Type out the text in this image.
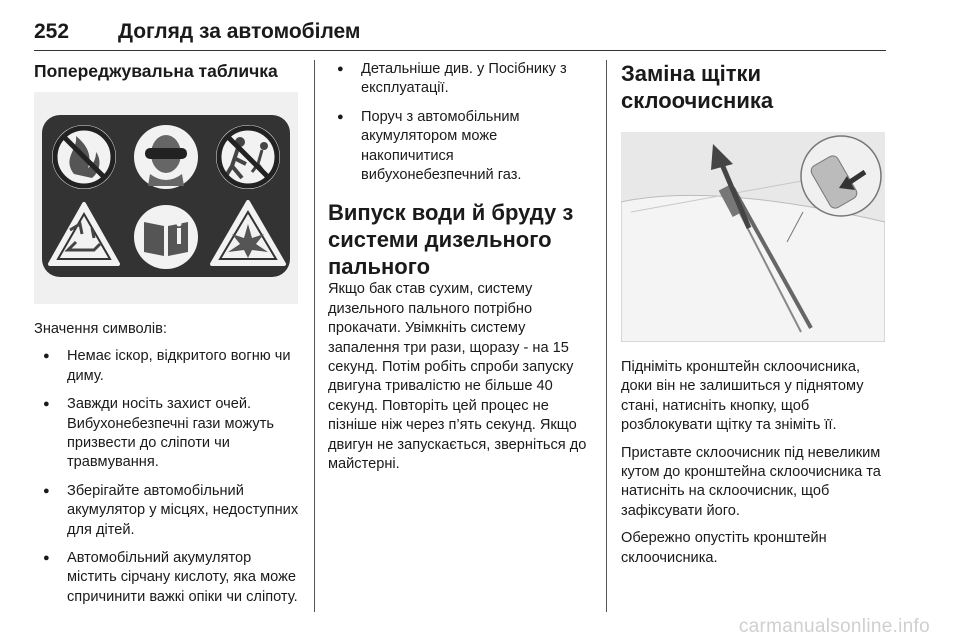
252 Догляд за автомобілем
Попереджувальна табличка

Значення символів:

● Немає іскор, відкритого вогню чи диму.
● Завжди носіть захист очей. Вибухонебезпечні гази можуть призвести до сліпоти чи травмування.
● Зберігайте автомобільний акумулятор у місцях, недоступних для дітей.
● Автомобільний акумулятор містить сірчану кислоту, яка може спричинити важкі опіки чи сліпоту.
● Детальніше див. у Посібнику з експлуатації.
● Поруч з автомобільним акумулятором може накопичитися вибухонебезпечний газ.
Випуск води й бруду з системи дизельного пального

Якщо бак став сухим, систему дизельного пального потрібно прокачати. Увімкніть систему запалення три рази, щоразу - на 15 секунд. Потім робіть спроби запуску двигуна тривалістю не більше 40 секунд. Повторіть цей процес не пізніше ніж через п’ять секунд. Якщо двигун не запускається, зверніться до майстерні.

Заміна щітки склоочисника

Підніміть кронштейн склоочисника, доки він не залишиться у піднятому стані, натисніть кнопку, щоб розблокувати щітку та зніміть її.

Приставте склоочисник під невеликим кутом до кронштейна склоочисника та натисніть на склоочисник, щоб зафіксувати його.

Обережно опустіть кронштейн склоочисника.

carmanualsonline.info
